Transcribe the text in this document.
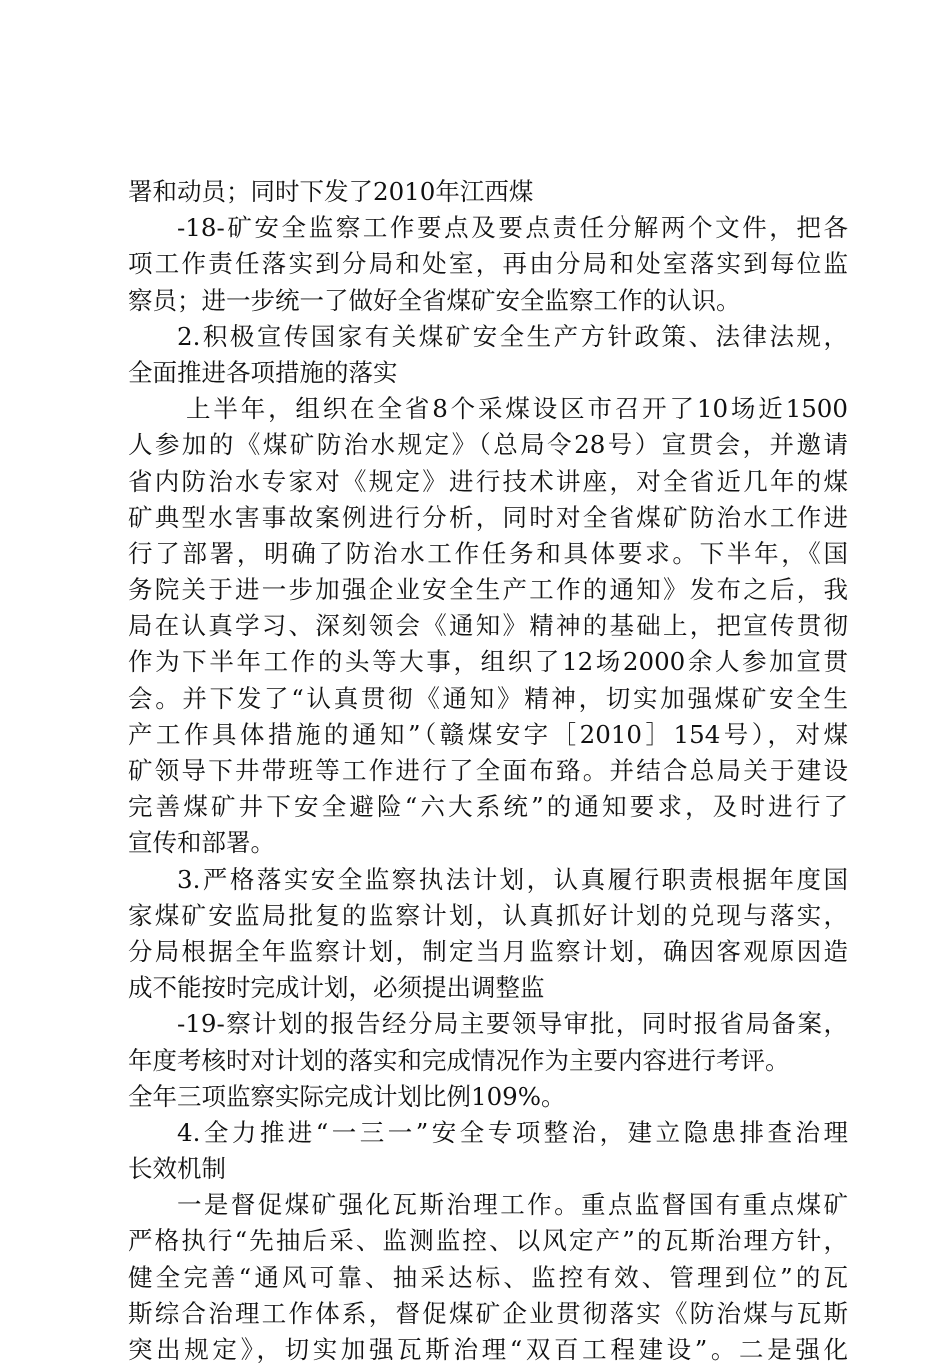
署和动员；同时下发了2010年江西煤
-18-矿安全监察工作要点及要点责任分解两个文件，把各
项工作责任落实到分局和处室，再由分局和处室落实到每位监
察员；进一步统一了做好全省煤矿安全监察工作的认识。
2.积极宣传国家有关煤矿安全生产方针政策、法律法规，
全面推进各项措施的落实
上半年，组织在全省8个采煤设区市召开了10场近1500
人参加的《煤矿防治水规定》（总局令28号）宣贯会，并邀请
省内防治水专家对《规定》进行技术讲座，对全省近几年的煤
矿典型水害事故案例进行分析，同时对全省煤矿防治水工作进
行了部署，明确了防治水工作任务和具体要求。下半年，《国
务院关于进一步加强企业安全生产工作的通知》发布之后，我
局在认真学习、深刻领会《通知》精神的基础上，把宣传贯彻
作为下半年工作的头等大事，组织了12场2000余人参加宣贯
会。并下发了“认真贯彻《通知》精神，切实加强煤矿安全生
产工作具体措施的通知”（赣煤安字［2010］154号），对煤
矿领导下井带班等工作进行了全面布臵。并结合总局关于建设
完善煤矿井下安全避险“六大系统”的通知要求，及时进行了
宣传和部署。
3.严格落实安全监察执法计划，认真履行职责根据年度国
家煤矿安监局批复的监察计划，认真抓好计划的兑现与落实，
分局根据全年监察计划，制定当月监察计划，确因客观原因造
成不能按时完成计划，必须提出调整监
-19-察计划的报告经分局主要领导审批，同时报省局备案，
年度考核时对计划的落实和完成情况作为主要内容进行考评。
全年三项监察实际完成计划比例109%。
4.全力推进“一三一”安全专项整治，建立隐患排查治理
长效机制
一是督促煤矿强化瓦斯治理工作。重点监督国有重点煤矿
严格执行“先抽后采、监测监控、以风定产”的瓦斯治理方针，
健全完善“通风可靠、抽采达标、监控有效、管理到位”的瓦
斯综合治理工作体系，督促煤矿企业贯彻落实《防治煤与瓦斯
突出规定》，切实加强瓦斯治理“双百工程建设”。二是强化
